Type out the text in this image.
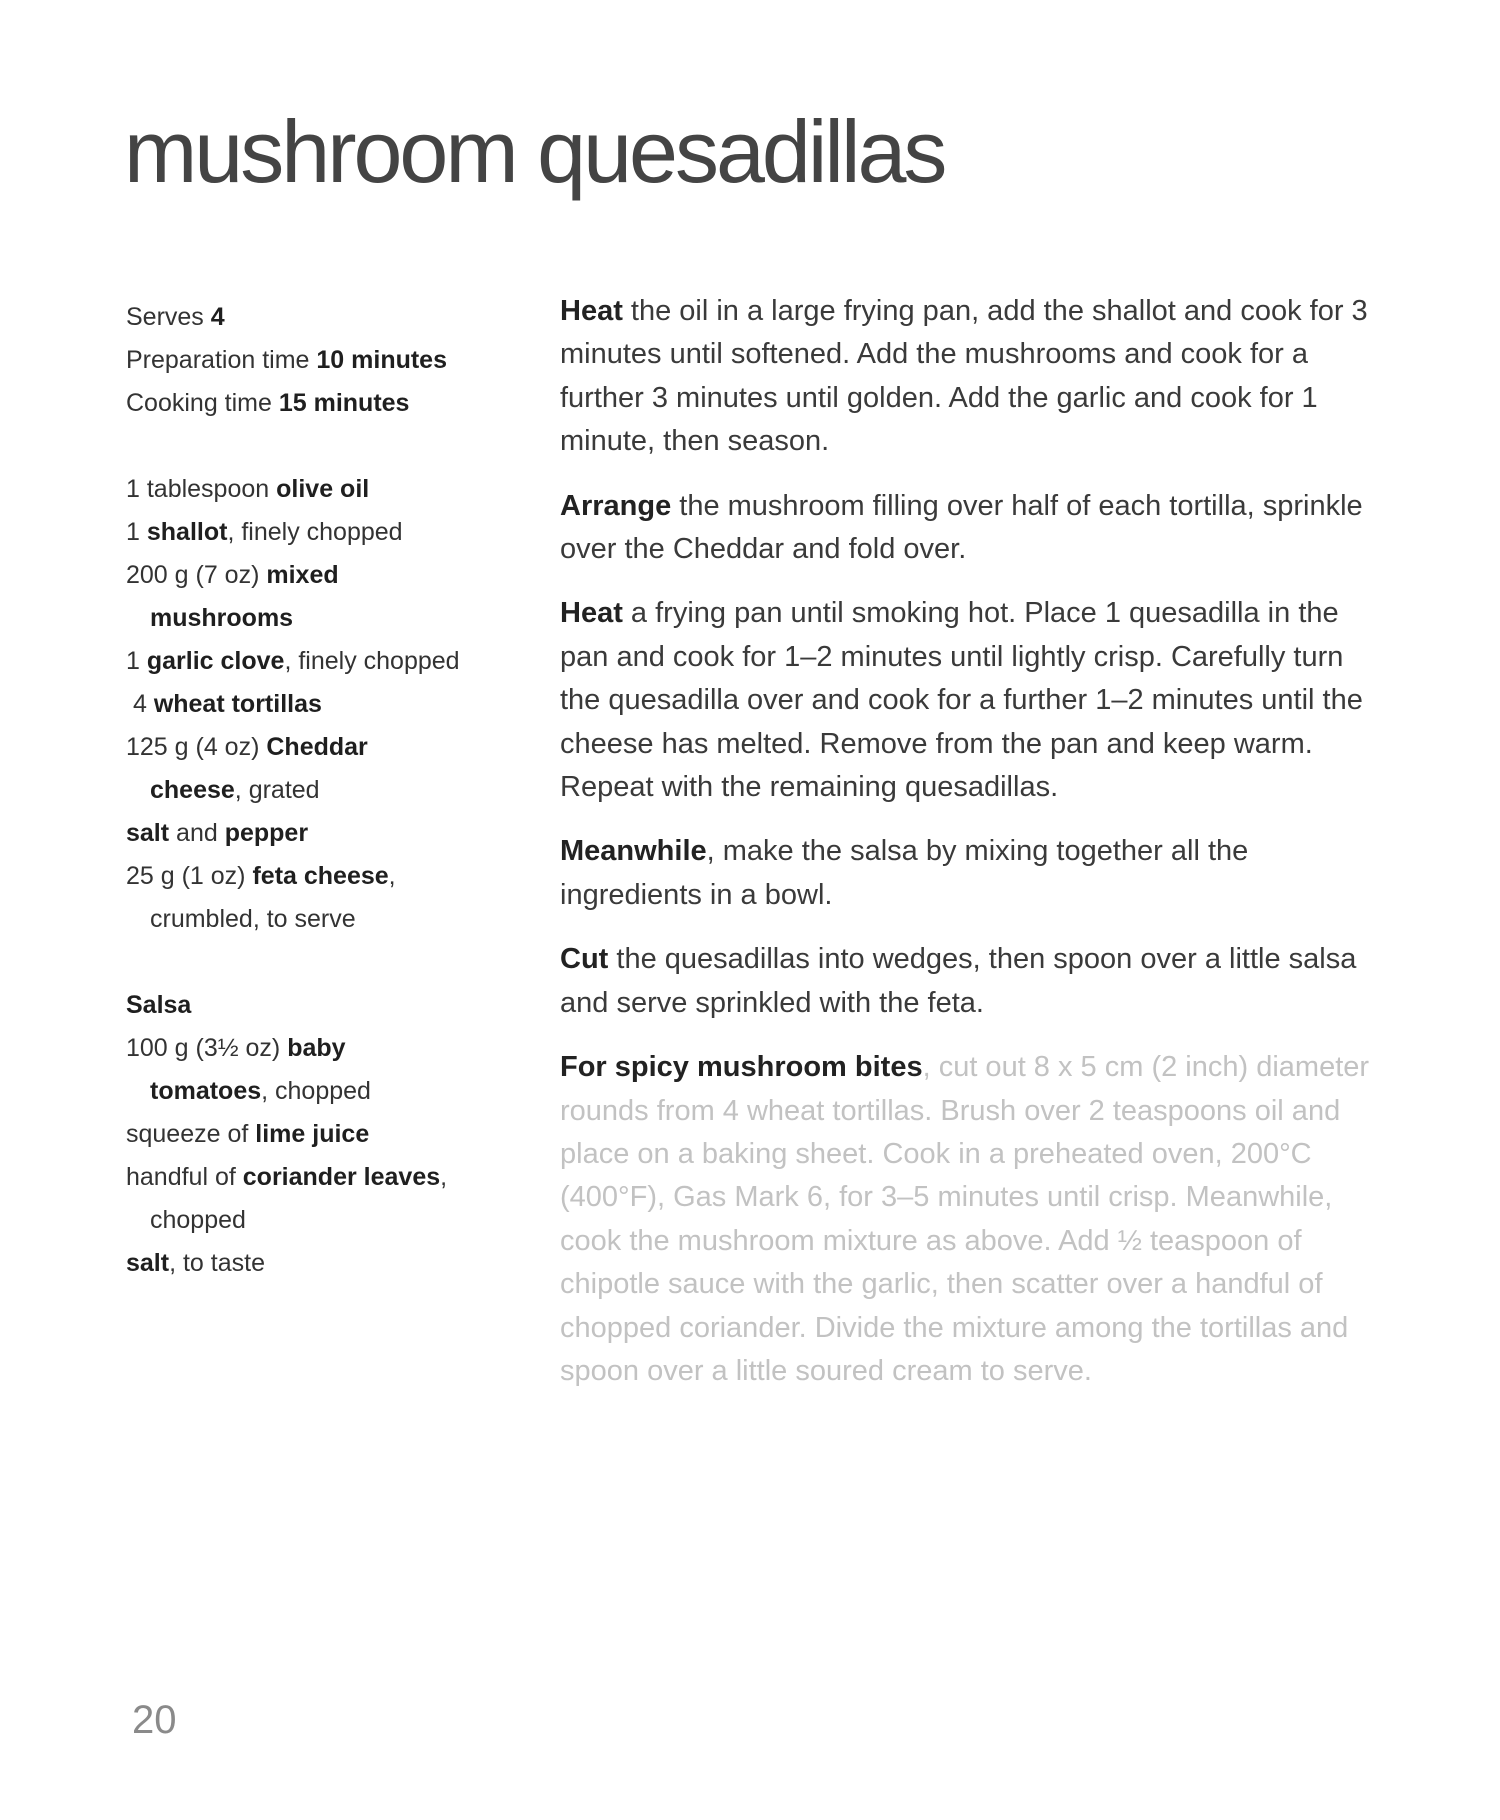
mushroom quesadillas
Serves 4
Preparation time 10 minutes
Cooking time 15 minutes
1 tablespoon olive oil
1 shallot, finely chopped
200 g (7 oz) mixed
mushrooms
1 garlic clove, finely chopped
4 wheat tortillas
125 g (4 oz) Cheddar
cheese, grated
salt and pepper
25 g (1 oz) feta cheese,
crumbled, to serve
Salsa
100 g (3½ oz) baby
tomatoes, chopped
squeeze of lime juice
handful of coriander leaves,
chopped
salt, to taste

Heat the oil in a large frying pan, add the shallot and cook for 3 minutes until softened. Add the mushrooms and cook for a further 3 minutes until golden. Add the garlic and cook for 1 minute, then season.

Arrange the mushroom filling over half of each tortilla, sprinkle over the Cheddar and fold over.

Heat a frying pan until smoking hot. Place 1 quesadilla in the pan and cook for 1–2 minutes until lightly crisp. Carefully turn the quesadilla over and cook for a further 1–2 minutes until the cheese has melted. Remove from the pan and keep warm. Repeat with the remaining quesadillas.

Meanwhile, make the salsa by mixing together all the ingredients in a bowl.

Cut the quesadillas into wedges, then spoon over a little salsa and serve sprinkled with the feta.

For spicy mushroom bites, cut out 8 x 5 cm (2 inch) diameter rounds from 4 wheat tortillas. Brush over 2 teaspoons oil and place on a baking sheet. Cook in a preheated oven, 200°C (400°F), Gas Mark 6, for 3–5 minutes until crisp. Meanwhile, cook the mushroom mixture as above. Add ½ teaspoon of chipotle sauce with the garlic, then scatter over a handful of chopped coriander. Divide the mixture among the tortillas and spoon over a little soured cream to serve.

20
